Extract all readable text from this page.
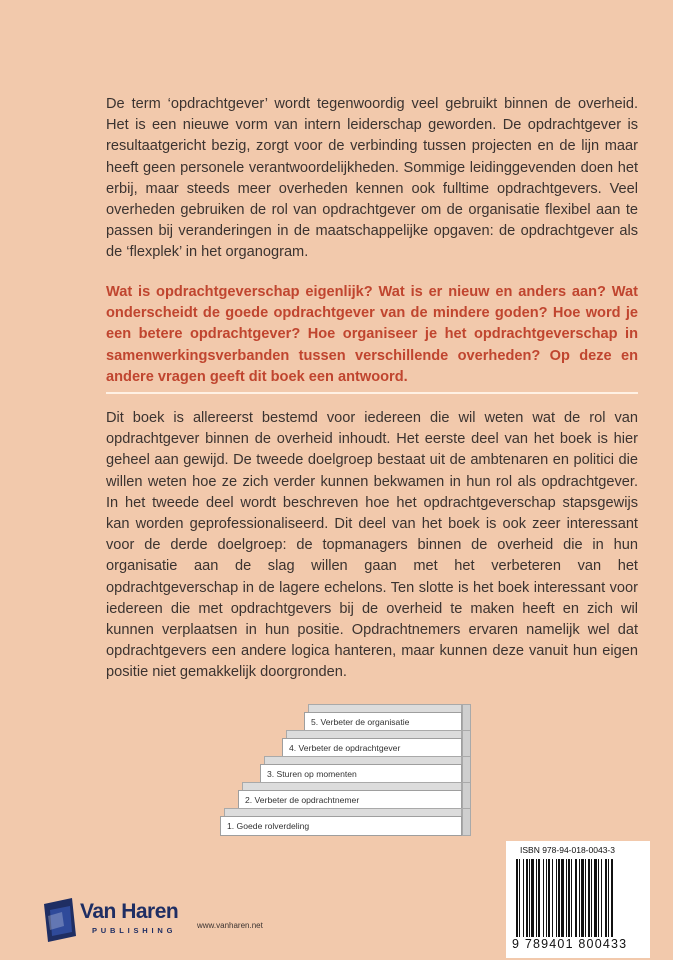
De term ‘opdrachtgever’ wordt tegenwoordig veel gebruikt binnen de overheid. Het is een nieuwe vorm van intern leiderschap geworden. De opdrachtgever is resultaatgericht bezig, zorgt voor de verbinding tussen projecten en de lijn maar heeft geen personele verantwoordelijkheden. Sommige leidinggevenden doen het erbij, maar steeds meer overheden kennen ook fulltime opdrachtgevers. Veel overheden gebruiken de rol van opdrachtgever om de organisatie flexibel aan te passen bij veranderingen in de maatschappelijke opgaven: de opdrachtgever als de ‘flexplek’ in het organogram.

Wat is opdrachtgeverschap eigenlijk? Wat is er nieuw en anders aan? Wat onderscheidt de goede opdrachtgever van de mindere goden? Hoe word je een betere opdrachtgever? Hoe organiseer je het opdrachtgeverschap in samenwerkingsverbanden tussen verschillende overheden? Op deze en andere vragen geeft dit boek een antwoord.

Dit boek is allereerst bestemd voor iedereen die wil weten wat de rol van opdrachtgever binnen de overheid inhoudt. Het eerste deel van het boek is hier geheel aan gewijd. De tweede doelgroep bestaat uit de ambtenaren en politici die willen weten hoe ze zich verder kunnen bekwamen in hun rol als opdrachtgever. In het tweede deel wordt beschreven hoe het opdrachtgeverschap stapsgewijs kan worden geprofessionaliseerd. Dit deel van het boek is ook zeer interessant voor de derde doelgroep: de topmanagers binnen de overheid die in hun organisatie aan de slag willen gaan met het verbeteren van het opdrachtgeverschap in de lagere echelons. Ten slotte is het boek interessant voor iedereen die met opdrachtgevers bij de overheid te maken heeft en zich wil kunnen verplaatsen in hun positie. Opdrachtnemers ervaren namelijk wel dat opdrachtgevers een andere logica hanteren, maar kunnen deze vanuit hun eigen positie niet gemakkelijk doorgronden.

5. Verbeter de organisatie
4. Verbeter de opdrachtgever
3. Sturen op momenten
2. Verbeter de opdrachtnemer
1. Goede rolverdeling
Van Haren
PUBLISHING
www.vanharen.net
ISBN 978-94-018-0043-3
9 789401 800433
